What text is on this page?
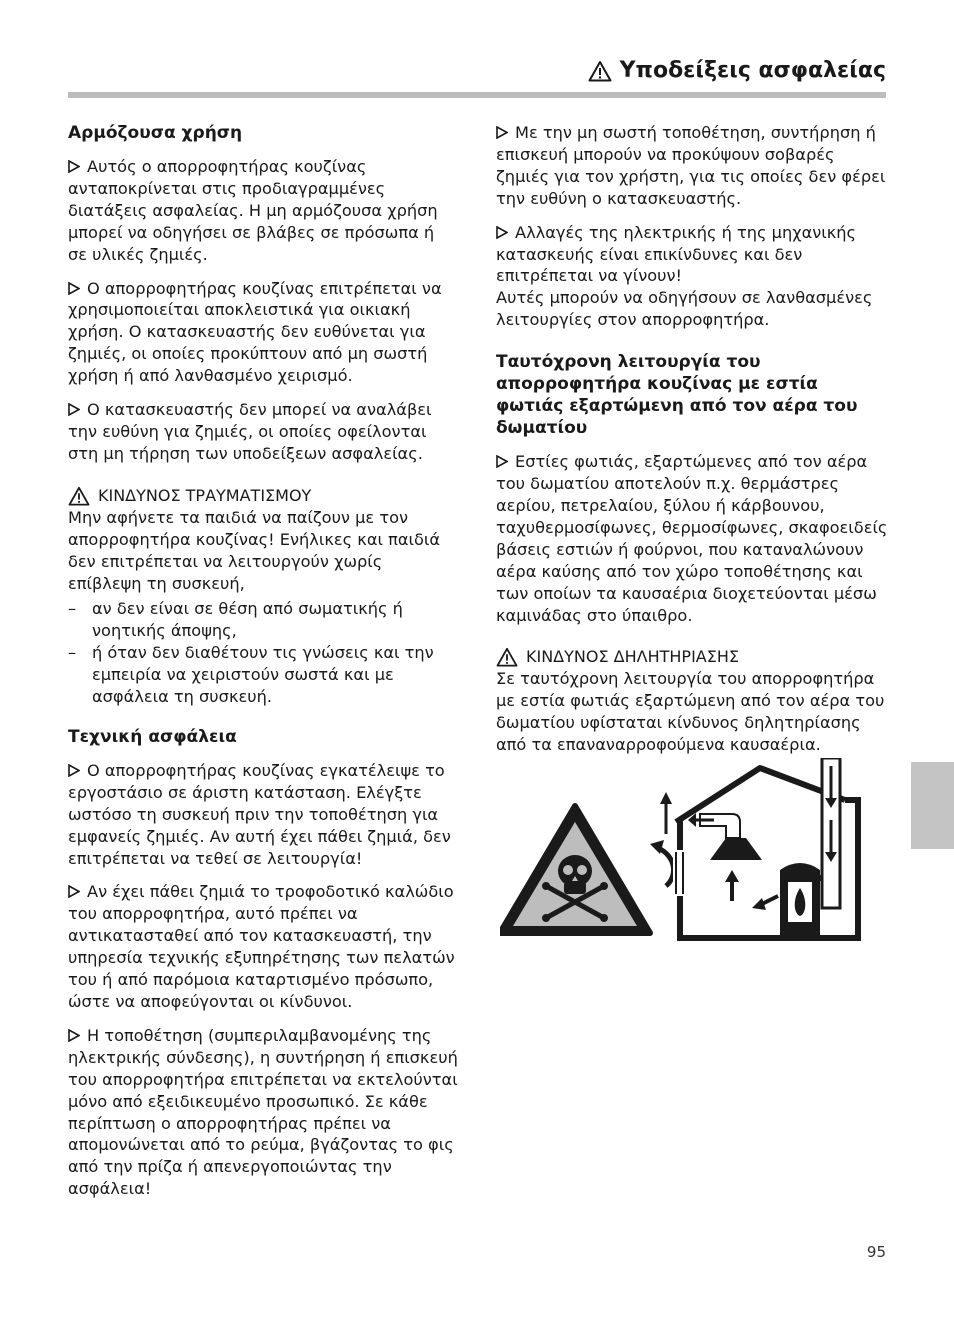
Υποδείξεις ασφαλείας
Αρμόζουσα χρήση

Αυτός ο απορροφητήρας κουζίνας ανταποκρίνεται στις προδιαγραμμένες διατάξεις ασφαλείας. Η μη αρμόζουσα χρήση μπορεί να οδηγήσει σε βλάβες σε πρόσωπα ή σε υλικές ζημιές.

Ο απορροφητήρας κουζίνας επιτρέπεται να χρησιμοποιείται αποκλειστικά για οικιακή χρήση. Ο κατασκευαστής δεν ευθύνεται για ζημιές, οι οποίες προκύπτουν από μη σωστή χρήση ή από λανθασμένο χειρισμό.

Ο κατασκευαστής δεν μπορεί να αναλάβει την ευθύνη για ζημιές, οι οποίες οφείλονται στη μη τήρηση των υποδείξεων ασφαλείας.

ΚΙΝΔΥΝΟΣ ΤΡΑΥΜΑΤΙΣΜΟΥ
Μην αφήνετε τα παιδιά να παίζουν με τον απορροφητήρα κουζίνας! Ενήλικες και παιδιά δεν επιτρέπεται να λειτουργούν χωρίς επίβλεψη τη συσκευή,
– αν δεν είναι σε θέση από σωματικής ή νοητικής άποψης,
– ή όταν δεν διαθέτουν τις γνώσεις και την εμπειρία να χειριστούν σωστά και με ασφάλεια τη συσκευή.
Τεχνική ασφάλεια

Ο απορροφητήρας κουζίνας εγκατέλειψε το εργοστάσιο σε άριστη κατάσταση. Ελέγξτε ωστόσο τη συσκευή πριν την τοποθέτηση για εμφανείς ζημιές. Αν αυτή έχει πάθει ζημιά, δεν επιτρέπεται να τεθεί σε λειτουργία!

Αν έχει πάθει ζημιά το τροφοδοτικό καλώδιο του απορροφητήρα, αυτό πρέπει να αντικατασταθεί από τον κατασκευαστή, την υπηρεσία τεχνικής εξυπηρέτησης των πελατών του ή από παρόμοια καταρτισμένο πρόσωπο, ώστε να αποφεύγονται οι κίνδυνοι.

Η τοποθέτηση (συμπεριλαμβανομένης της ηλεκτρικής σύνδεσης), η συντήρηση ή επισκευή του απορροφητήρα επιτρέπεται να εκτελούνται μόνο από εξειδικευμένο προσωπικό. Σε κάθε περίπτωση ο απορροφητήρας πρέπει να απομονώνεται από το ρεύμα, βγάζοντας το φις από την πρίζα ή απενεργοποιώντας την ασφάλεια!

Με την μη σωστή τοποθέτηση, συντήρηση ή επισκευή μπορούν να προκύψουν σοβαρές ζημιές για τον χρήστη, για τις οποίες δεν φέρει την ευθύνη ο κατασκευαστής.

Αλλαγές της ηλεκτρικής ή της μηχανικής κατασκευής είναι επικίνδυνες και δεν επιτρέπεται να γίνουν!

Αυτές μπορούν να οδηγήσουν σε λανθασμένες λειτουργίες στον απορροφητήρα.

Ταυτόχρονη λειτουργία του απορροφητήρα κουζίνας με εστία φωτιάς εξαρτώμενη από τον αέρα του δωματίου

Εστίες φωτιάς, εξαρτώμενες από τον αέρα του δωματίου αποτελούν π.χ. θερμάστρες αερίου, πετρελαίου, ξύλου ή κάρβουνου, ταχυθερμοσίφωνες, θερμοσίφωνες, σκαφοειδείς βάσεις εστιών ή φούρνοι, που καταναλώνουν αέρα καύσης από τον χώρο τοποθέτησης και των οποίων τα καυσαέρια διοχετεύονται μέσω καμινάδας στο ύπαιθρο.

ΚΙΝΔΥΝΟΣ ΔΗΛΗΤΗΡΙΑΣΗΣ
Σε ταυτόχρονη λειτουργία του απορροφητήρα με εστία φωτιάς εξαρτώμενη από τον αέρα του δωματίου υφίσταται κίνδυνος δηλητηρίασης από τα επαναναρροφούμενα καυσαέρια.
95
